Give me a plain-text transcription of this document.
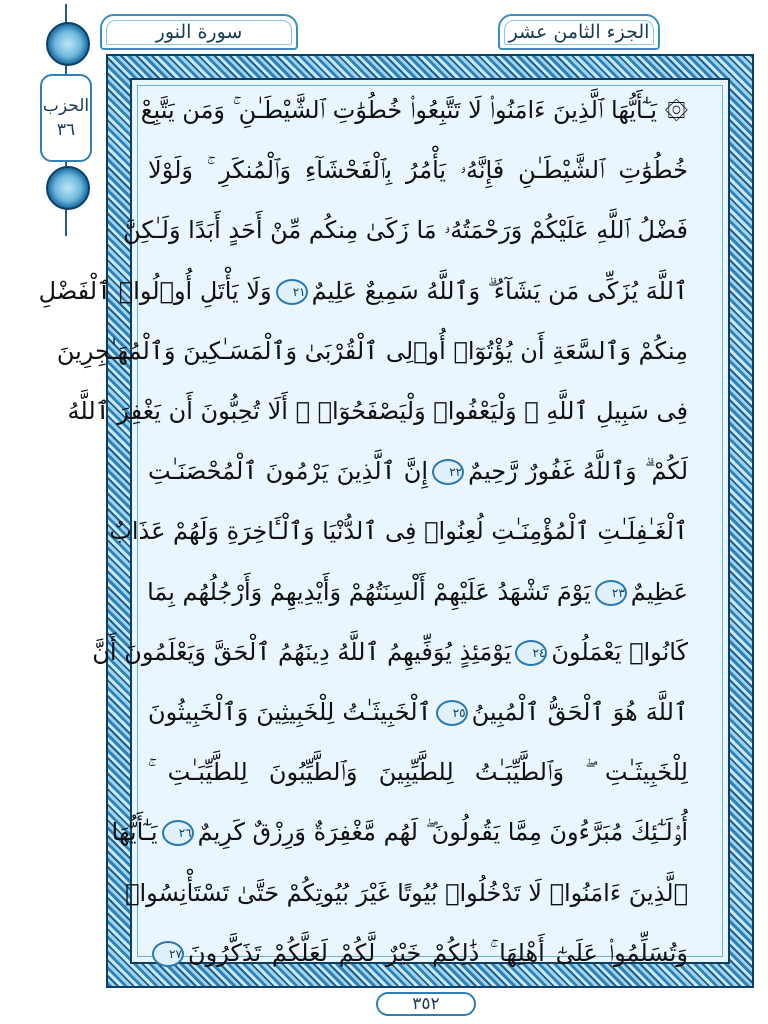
الجزء الثامن عشر
سورة النور
الحزب
٣٦
۞ يَـٰٓأَيُّهَا ٱلَّذِينَ ءَامَنُوا۟ لَا تَتَّبِعُوا۟ خُطُوَٰتِ ٱلشَّيْطَـٰنِ ۚ وَمَن يَتَّبِعْ
خُطُوَٰتِ ٱلشَّيْطَـٰنِ فَإِنَّهُۥ يَأْمُرُ بِٱلْفَحْشَآءِ وَٱلْمُنكَرِ ۚ وَلَوْلَا
فَضْلُ ٱللَّهِ عَلَيْكُمْ وَرَحْمَتُهُۥ مَا زَكَىٰ مِنكُم مِّنْ أَحَدٍ أَبَدًا وَلَـٰكِنَّ
ٱللَّهَ يُزَكِّى مَن يَشَآءُ ۗ وَٱللَّهُ سَمِيعٌ عَلِيمٌ٢١وَلَا يَأْتَلِ أُو۟لُوا۟ ٱلْفَضْلِ
مِنكُمْ وَٱلسَّعَةِ أَن يُؤْتُوٓا۟ أُو۟لِى ٱلْقُرْبَىٰ وَٱلْمَسَـٰكِينَ وَٱلْمُهَـٰجِرِينَ
فِى سَبِيلِ ٱللَّهِ ۖ وَلْيَعْفُوا۟ وَلْيَصْفَحُوٓا۟ ۗ أَلَا تُحِبُّونَ أَن يَغْفِرَ ٱللَّهُ
لَكُمْ ۗ وَٱللَّهُ غَفُورٌ رَّحِيمٌ٢٢إِنَّ ٱلَّذِينَ يَرْمُونَ ٱلْمُحْصَنَـٰتِ
ٱلْغَـٰفِلَـٰتِ ٱلْمُؤْمِنَـٰتِ لُعِنُوا۟ فِى ٱلدُّنْيَا وَٱلْـَٔاخِرَةِ وَلَهُمْ عَذَابٌ
عَظِيمٌ٢٣يَوْمَ تَشْهَدُ عَلَيْهِمْ أَلْسِنَتُهُمْ وَأَيْدِيهِمْ وَأَرْجُلُهُم بِمَا
كَانُوا۟ يَعْمَلُونَ٢٤يَوْمَئِذٍ يُوَفِّيهِمُ ٱللَّهُ دِينَهُمُ ٱلْحَقَّ وَيَعْلَمُونَ أَنَّ
ٱللَّهَ هُوَ ٱلْحَقُّ ٱلْمُبِينُ٢٥ٱلْخَبِيثَـٰتُ لِلْخَبِيثِينَ وَٱلْخَبِيثُونَ
لِلْخَبِيثَـٰتِ ۖ وَٱلطَّيِّبَـٰتُ لِلطَّيِّبِينَ وَٱلطَّيِّبُونَ لِلطَّيِّبَـٰتِ ۚ
أُو۟لَـٰٓئِكَ مُبَرَّءُونَ مِمَّا يَقُولُونَ ۖ لَهُم مَّغْفِرَةٌ وَرِزْقٌ كَرِيمٌ٢٦يَـٰٓأَيُّهَا
ٱلَّذِينَ ءَامَنُوا۟ لَا تَدْخُلُوا۟ بُيُوتًا غَيْرَ بُيُوتِكُمْ حَتَّىٰ تَسْتَأْنِسُوا۟
وَتُسَلِّمُوا۟ عَلَىٰٓ أَهْلِهَا ۚ ذَٰلِكُمْ خَيْرٌ لَّكُمْ لَعَلَّكُمْ تَذَكَّرُونَ٢٧
٣٥٢
